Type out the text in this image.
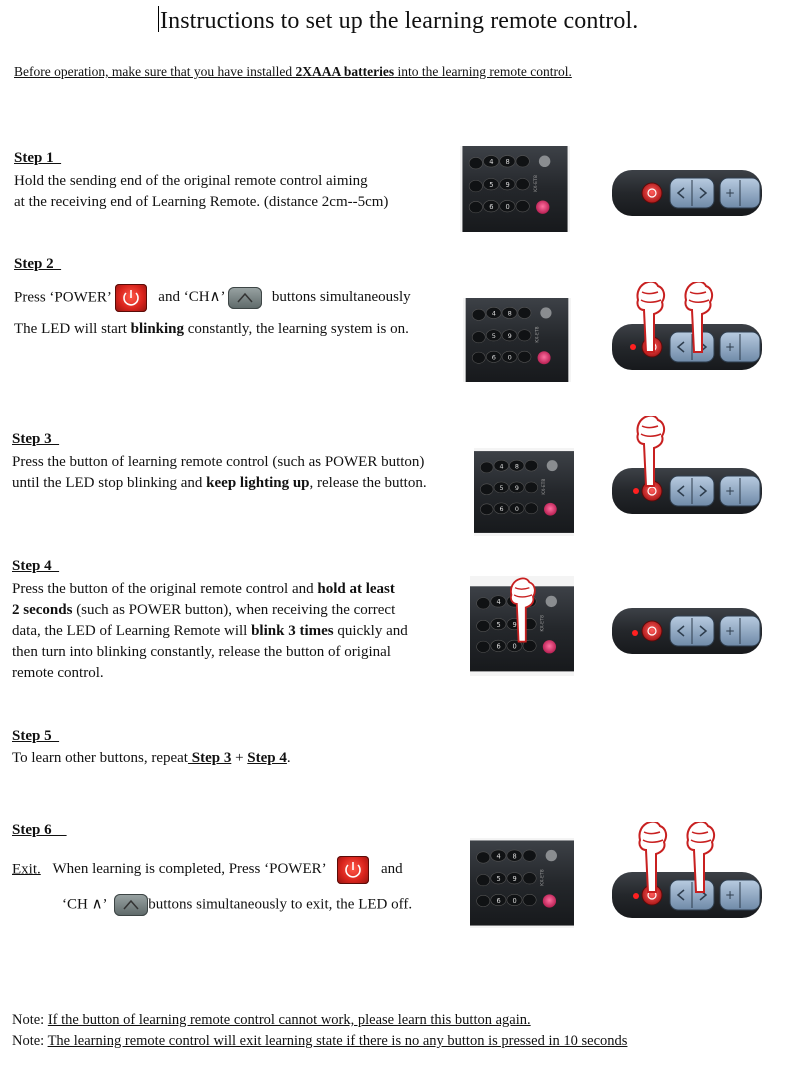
Instructions to set up the learning remote control.
Before operation, make sure that you have installed 2XAAA batteries into the learning remote control.
Step 1
Hold the sending end of the original remote control aiming
at the receiving end of Learning Remote. (distance 2cm--5cm)
Step 2
Press ‘POWER’	and ‘CH∧’	buttons simultaneously
The LED will start blinking constantly, the learning system is on.
Step 3
Press the button of learning remote control (such as POWER button)
until the LED stop blinking and keep lighting up, release the button.
Step 4
Press the button of the original remote control and hold at least
2 seconds (such as POWER button), when receiving the correct
data, the LED of Learning Remote will blink 3 times quickly and
then turn into blinking constantly, release the button of original
remote control.
Step 5
To learn other buttons, repeat Step 3 + Step 4.
Step 6
Exit. When learning is completed, Press ‘POWER’	and
‘CH ∧’	buttons simultaneously to exit, the LED off.
Note: If the button of learning remote control cannot work, please learn this button again.
Note: The learning remote control will exit learning state if there is no any button is pressed in 10 seconds
